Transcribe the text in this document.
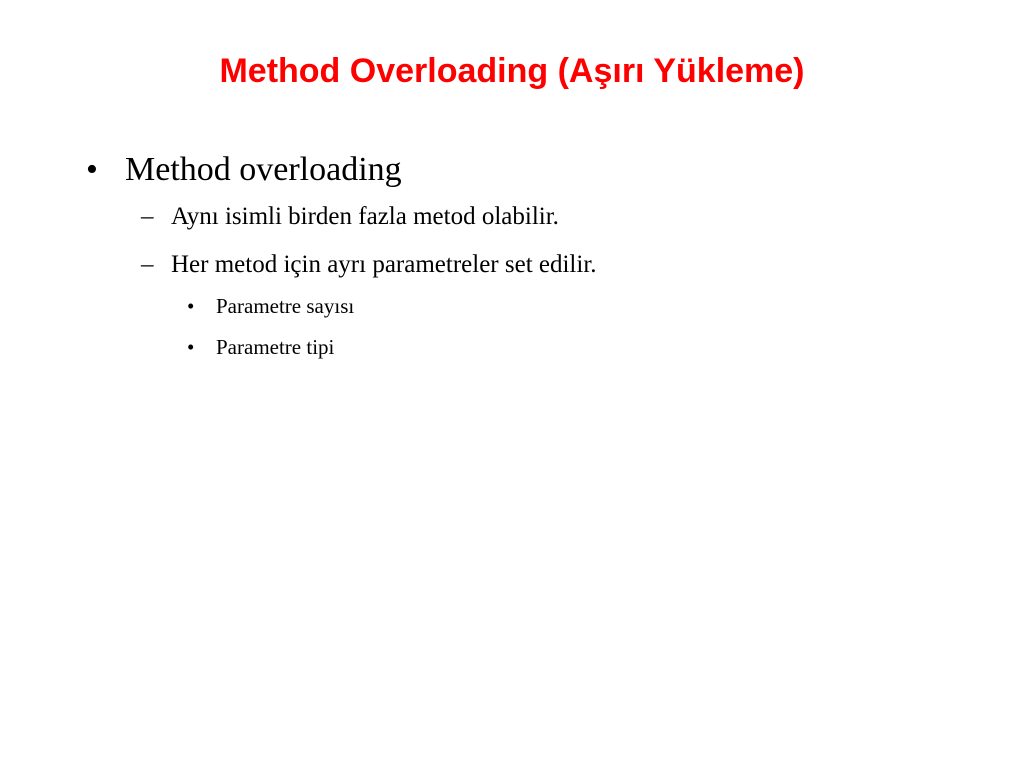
Method Overloading (Aşırı Yükleme)
• Method overloading
– Aynı isimli birden fazla metod olabilir.
– Her metod için ayrı parametreler set edilir.
• Parametre sayısı
• Parametre tipi
